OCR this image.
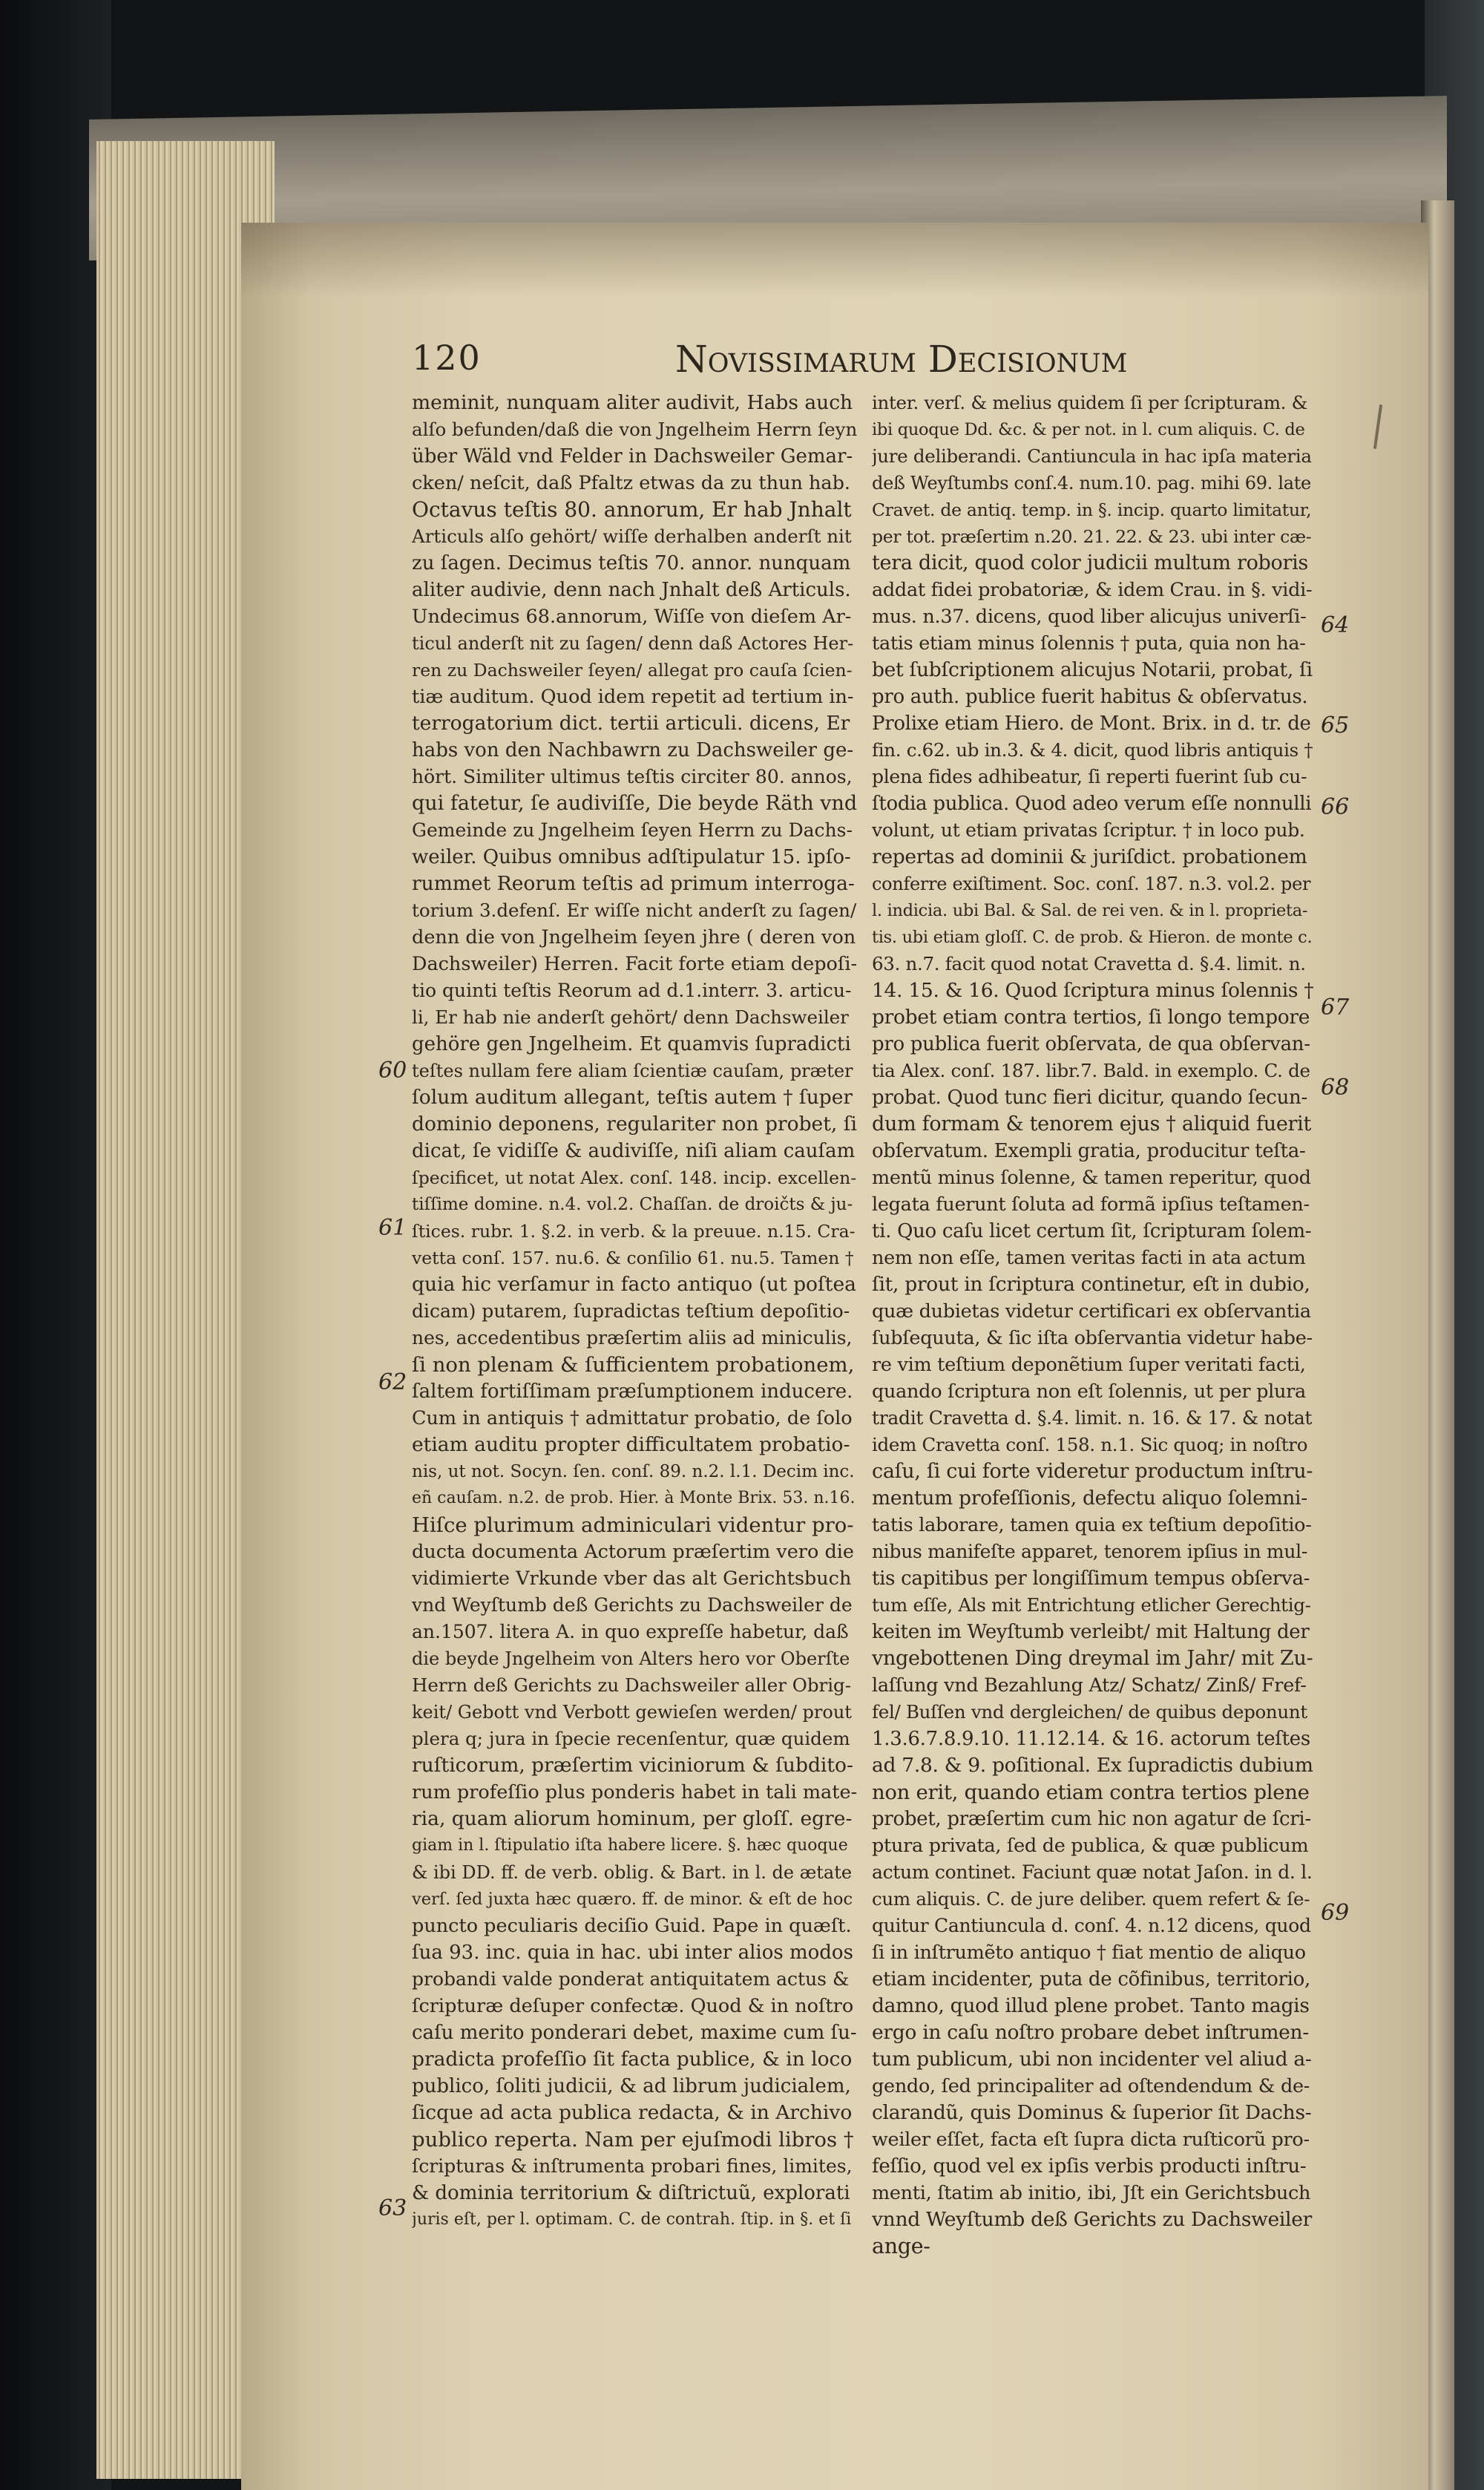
120	Noviſſimarum Deciſionum
meminit, nunquam aliter audivit, Habs auch
alſo befunden/daß die von Jngelheim Herrn ſeyn
über Wäld vnd Felder in Dachsweiler Gemar-
cken/ neſcit, daß Pfaltz etwas da zu thun hab.
Octavus teſtis 80. annorum, Er hab Jnhalt
Articuls alſo gehört/ wiſſe derhalben anderſt nit
zu ſagen. Decimus teſtis 70. annor. nunquam
aliter audivie, denn nach Jnhalt deß Articuls.
Undecimus 68.annorum, Wiſſe von dieſem Ar-
ticul anderſt nit zu ſagen/ denn daß Actores Her-
ren zu Dachsweiler ſeyen/ allegat pro cauſa ſcien-
tiæ auditum. Quod idem repetit ad tertium in-
terrogatorium dict. tertii articuli. dicens, Er
habs von den Nachbawrn zu Dachsweiler ge-
hört. Similiter ultimus teſtis circiter 80. annos,
qui fatetur, ſe audiviſſe, Die beyde Räth vnd
Gemeinde zu Jngelheim ſeyen Herrn zu Dachs-
weiler. Quibus omnibus adſtipulatur 15. ipſo-
rummet Reorum teſtis ad primum interroga-
torium 3.defenſ. Er wiſſe nicht anderſt zu ſagen/
denn die von Jngelheim ſeyen jhre ( deren von
Dachsweiler) Herren. Facit forte etiam depoſi-
tio quinti teſtis Reorum ad d.1.interr. 3. articu-
li, Er hab nie anderſt gehört/ denn Dachsweiler
gehöre gen Jngelheim. Et quamvis ſupradicti
teſtes nullam fere aliam ſcientiæ cauſam, præter
ſolum auditum allegant, teſtis autem † ſuper
dominio deponens, regulariter non probet, ſi
dicat, ſe vidiſſe & audiviſſe, niſi aliam cauſam
ſpecificet, ut notat Alex. conſ. 148. incip. excellen-
tiſſime domine. n.4. vol.2. Chaſſan. de droičts & ju-
ſtices. rubr. 1. §.2. in verb. & la preuue. n.15. Cra-
vetta conſ. 157. nu.6. & conſilio 61. nu.5. Tamen †
quia hic verſamur in facto antiquo (ut poſtea
dicam) putarem, ſupradictas teſtium depoſitio-
nes, accedentibus præſertim aliis ad miniculis,
ſi non plenam & ſufficientem probationem,
ſaltem fortiſſimam præſumptionem inducere.
Cum in antiquis † admittatur probatio, de ſolo
etiam auditu propter difficultatem probatio-
nis, ut not. Socyn. ſen. conſ. 89. n.2. l.1. Decim inc.
eñ cauſam. n.2. de prob. Hier. à Monte Brix. 53. n.16.
Hiſce plurimum adminiculari videntur pro-
ducta documenta Actorum præſertim vero die
vidimierte Vrkunde vber das alt Gerichtsbuch
vnd Weyſtumb deß Gerichts zu Dachsweiler de
an.1507. litera A. in quo expreſſe habetur, daß
die beyde Jngelheim von Alters hero vor Oberſte
Herrn deß Gerichts zu Dachsweiler aller Obrig-
keit/ Gebott vnd Verbott gewieſen werden/ prout
plera q; jura in ſpecie recenſentur, quæ quidem
ruſticorum, præſertim viciniorum & ſubdito-
rum profeſſio plus ponderis habet in tali mate-
ria, quam aliorum hominum, per gloſſ. egre-
giam in l. ſtipulatio iſta habere licere. §. hæc quoque
& ibi DD. ff. de verb. oblig. & Bart. in l. de ætate
verſ. ſed juxta hæc quæro. ff. de minor. & eſt de hoc
puncto peculiaris deciſio Guid. Pape in quæſt.
ſua 93. inc. quia in hac. ubi inter alios modos
probandi valde ponderat antiquitatem actus &
ſcripturæ deſuper confectæ. Quod & in noſtro
caſu merito ponderari debet, maxime cum ſu-
pradicta profeſſio ſit facta publice, & in loco
publico, ſoliti judicii, & ad librum judicialem,
ſicque ad acta publica redacta, & in Archivo
publico reperta. Nam per ejuſmodi libros †
ſcripturas & inſtrumenta probari fines, limites,
& dominia territorium & diſtrictuũ, explorati
juris eſt, per l. optimam. C. de contrah. ſtip. in §. et ſi
inter. verſ. & melius quidem ſi per ſcripturam. &
ibi quoque Dd. &c. & per not. in l. cum aliquis. C. de
jure deliberandi. Cantiuncula in hac ipſa materia
deß Weyſtumbs conſ.4. num.10. pag. mihi 69. late
Cravet. de antiq. temp. in §. incip. quarto limitatur,
per tot. præſertim n.20. 21. 22. & 23. ubi inter cæ-
tera dicit, quod color judicii multum roboris
addat fidei probatoriæ, & idem Crau. in §. vidi-
mus. n.37. dicens, quod liber alicujus univerſi-
tatis etiam minus ſolennis † puta, quia non ha-
bet ſubſcriptionem alicujus Notarii, probat, ſi
pro auth. publice fuerit habitus & obſervatus.
Prolixe etiam Hiero. de Mont. Brix. in d. tr. de
fin. c.62. ub in.3. & 4. dicit, quod libris antiquis †
plena fides adhibeatur, ſi reperti fuerint ſub cu-
ſtodia publica. Quod adeo verum eſſe nonnulli
volunt, ut etiam privatas ſcriptur. † in loco pub.
repertas ad dominii & juriſdict. probationem
conferre exiſtiment. Soc. conſ. 187. n.3. vol.2. per
l. indicia. ubi Bal. & Sal. de rei ven. & in l. proprieta-
tis. ubi etiam gloſſ. C. de prob. & Hieron. de monte c.
63. n.7. facit quod notat Cravetta d. §.4. limit. n.
14. 15. & 16. Quod ſcriptura minus ſolennis †
probet etiam contra tertios, ſi longo tempore
pro publica fuerit obſervata, de qua obſervan-
tia Alex. conſ. 187. libr.7. Bald. in exemplo. C. de
probat. Quod tunc fieri dicitur, quando ſecun-
dum formam & tenorem ejus † aliquid fuerit
obſervatum. Exempli gratia, producitur teſta-
mentũ minus ſolenne, & tamen reperitur, quod
legata fuerunt ſoluta ad formã ipſius teſtamen-
ti. Quo caſu licet certum ſit, ſcripturam ſolem-
nem non eſſe, tamen veritas facti in ata actum
ſit, prout in ſcriptura continetur, eſt in dubio,
quæ dubietas videtur certificari ex obſervantia
ſubſequuta, & ſic iſta obſervantia videtur habe-
re vim teſtium deponẽtium ſuper veritati facti,
quando ſcriptura non eſt ſolennis, ut per plura
tradit Cravetta d. §.4. limit. n. 16. & 17. & notat
idem Cravetta conſ. 158. n.1. Sic quoq; in noſtro
caſu, ſi cui forte videretur productum inſtru-
mentum profeſſionis, defectu aliquo ſolemni-
tatis laborare, tamen quia ex teſtium depoſitio-
nibus manifeſte apparet, tenorem ipſius in mul-
tis capitibus per longiſſimum tempus obſerva-
tum eſſe, Als mit Entrichtung etlicher Gerechtig-
keiten im Weyſtumb verleibt/ mit Haltung der
vngebottenen Ding dreymal im Jahr/ mit Zu-
laſſung vnd Bezahlung Atz/ Schatz/ Zinß/ Fref-
fel/ Buſſen vnd dergleichen/ de quibus deponunt
1.3.6.7.8.9.10. 11.12.14. & 16. actorum teſtes
ad 7.8. & 9. poſitional. Ex ſupradictis dubium
non erit, quando etiam contra tertios plene
probet, præſertim cum hic non agatur de ſcri-
ptura privata, ſed de publica, & quæ publicum
actum continet. Faciunt quæ notat Jaſon. in d. l.
cum aliquis. C. de jure deliber. quem refert & ſe-
quitur Cantiuncula d. conſ. 4. n.12 dicens, quod
ſi in inſtrumẽto antiquo † fiat mentio de aliquo
etiam incidenter, puta de cõfinibus, territorio,
damno, quod illud plene probet. Tanto magis
ergo in caſu noſtro probare debet inſtrumen-
tum publicum, ubi non incidenter vel aliud a-
gendo, ſed principaliter ad oſtendendum & de-
clarandũ, quis Dominus & ſuperior ſit Dachs-
weiler eſſet, facta eſt ſupra dicta ruſticorũ pro-
feſſio, quod vel ex ipſis verbis producti inſtru-
menti, ſtatim ab initio, ibi, Jſt ein Gerichtsbuch
vnnd Weyſtumb deß Gerichts zu Dachsweiler
ange-
60
61
62
63
64
65
66
67
68
69
